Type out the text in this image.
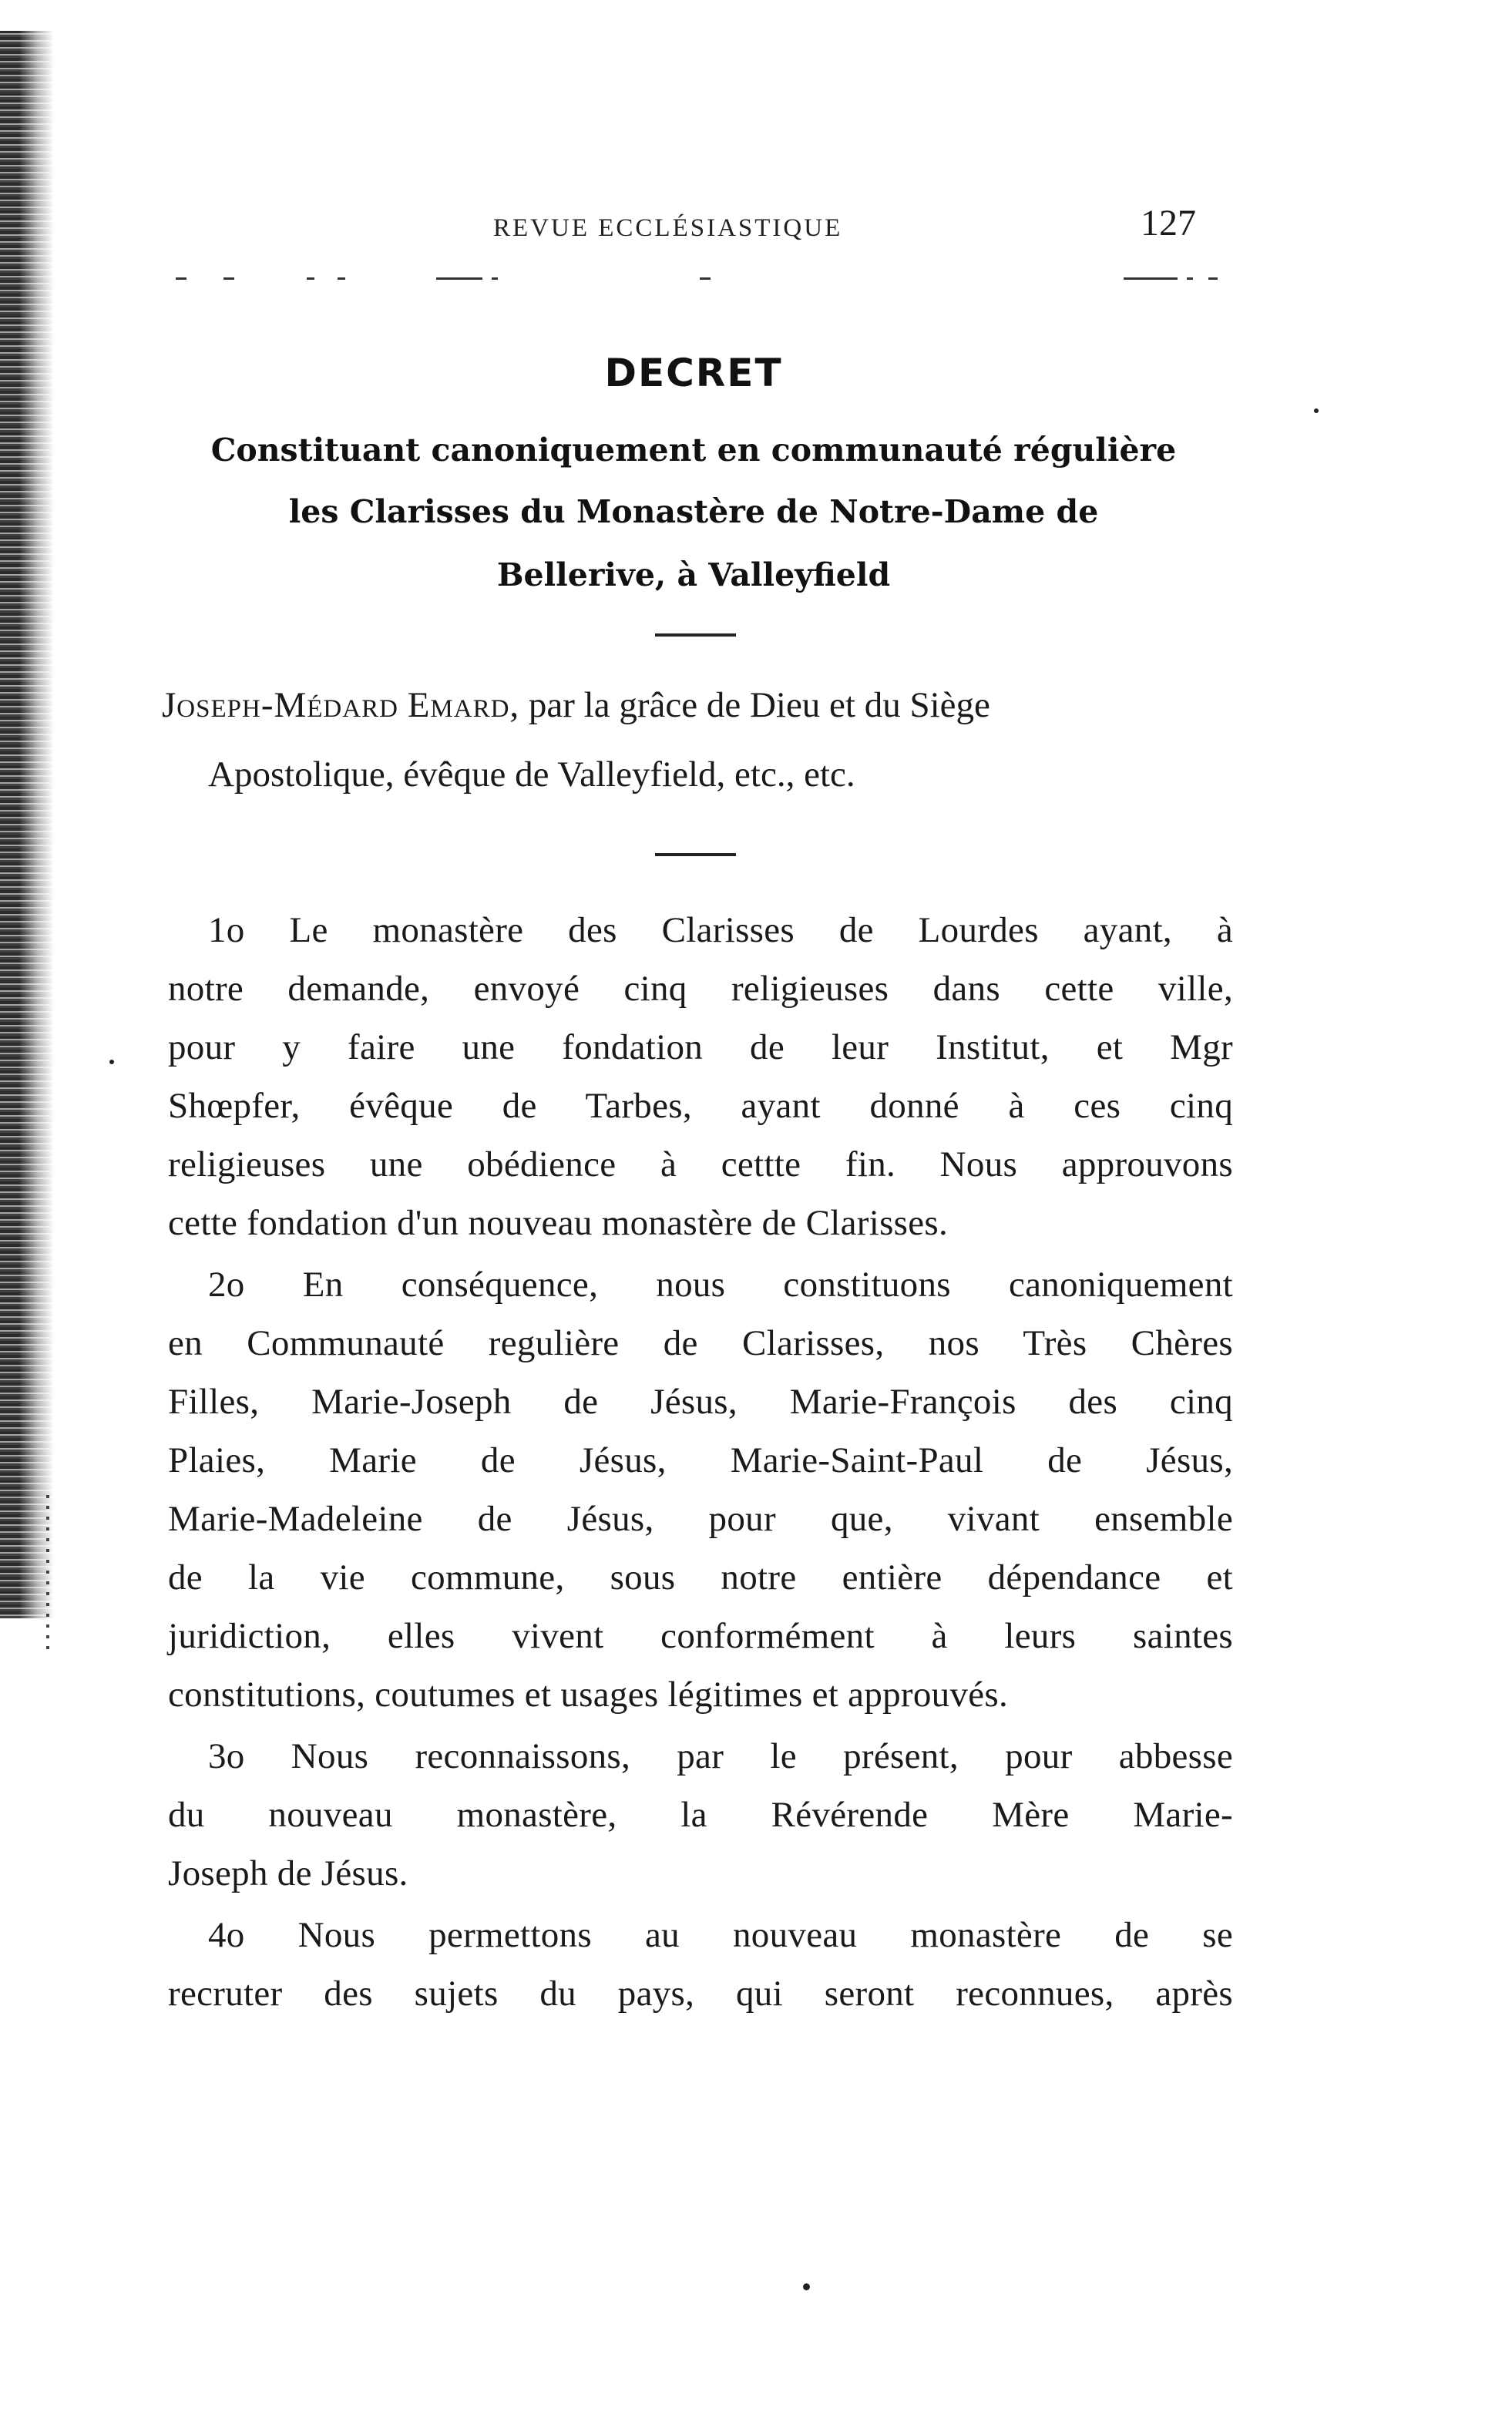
REVUE ECCLÉSIASTIQUE	127
DECRET
Constituant canoniquement en communauté régulière
les Clarisses du Monastère de Notre-Dame de
Bellerive, à Valleyfield
Joseph-Médard Emard, par la grâce de Dieu et du Siège
Apostolique, évêque de Valleyfield, etc., etc.
1o Le monastère des Clarisses de Lourdes ayant, à
notre demande, envoyé cinq religieuses dans cette ville,
pour y faire une fondation de leur Institut, et Mgr
Shœpfer, évêque de Tarbes, ayant donné à ces cinq
religieuses une obédience à cettte fin. Nous approuvons
cette fondation d'un nouveau monastère de Clarisses.
2o En conséquence, nous constituons canoniquement
en Communauté regulière de Clarisses, nos Très Chères
Filles, Marie-Joseph de Jésus, Marie-François des cinq
Plaies, Marie de Jésus, Marie-Saint-Paul de Jésus,
Marie-Madeleine de Jésus, pour que, vivant ensemble
de la vie commune, sous notre entière dépendance et
juridiction, elles vivent conformément à leurs saintes
constitutions, coutumes et usages légitimes et approuvés.
3o Nous reconnaissons, par le présent, pour abbesse
du nouveau monastère, la Révérende Mère Marie-
Joseph de Jésus.
4o Nous permettons au nouveau monastère de se
recruter des sujets du pays, qui seront reconnues, après
